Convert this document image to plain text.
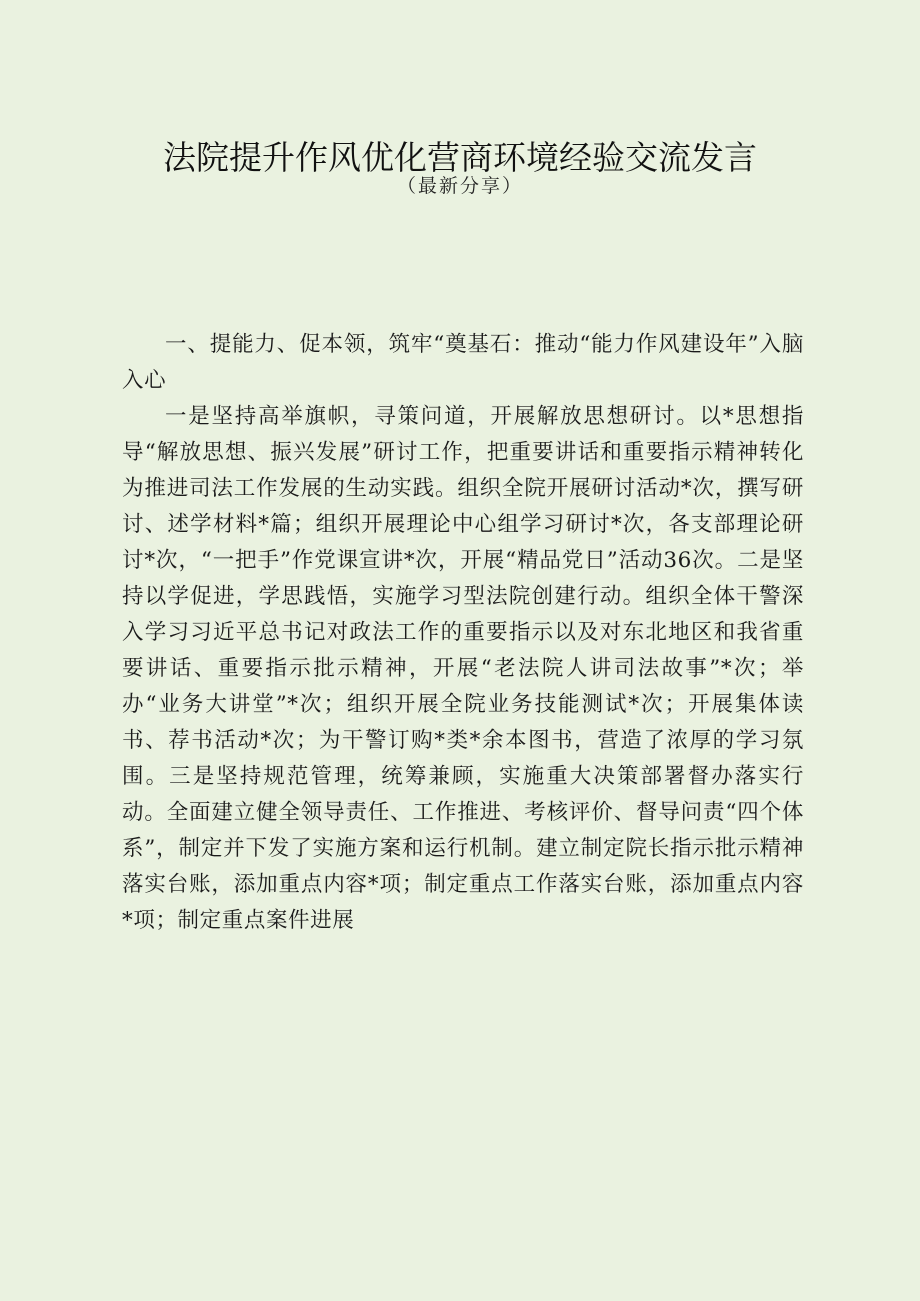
法院提升作风优化营商环境经验交流发言
（最新分享）

一、提能力、促本领，筑牢“奠基石：推动“能力作风建设年”入脑入心

一是坚持高举旗帜，寻策问道，开展解放思想研讨。以*思想指导“解放思想、振兴发展”研讨工作，把重要讲话和重要指示精神转化为推进司法工作发展的生动实践。组织全院开展研讨活动*次，撰写研讨、述学材料*篇；组织开展理论中心组学习研讨*次，各支部理论研讨*次，“一把手”作党课宣讲*次，开展“精品党日”活动36次。二是坚持以学促进，学思践悟，实施学习型法院创建行动。组织全体干警深入学习习近平总书记对政法工作的重要指示以及对东北地区和我省重要讲话、重要指示批示精神，开展“老法院人讲司法故事”*次；举办“业务大讲堂”*次；组织开展全院业务技能测试*次；开展集体读书、荐书活动*次；为干警订购*类*余本图书，营造了浓厚的学习氛围。三是坚持规范管理，统筹兼顾，实施重大决策部署督办落实行动。全面建立健全领导责任、工作推进、考核评价、督导问责“四个体系”，制定并下发了实施方案和运行机制。建立制定院长指示批示精神落实台账，添加重点内容*项；制定重点工作落实台账，添加重点内容*项；制定重点案件进展
